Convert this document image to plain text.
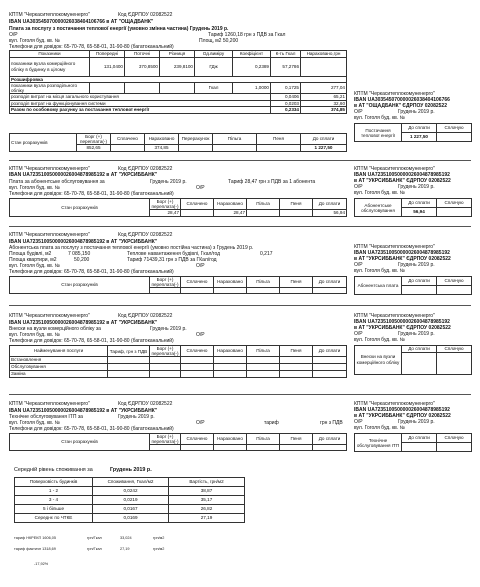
КПТМ "Черкаситеплокомуненерго"	Код ЄДРПОУ 02082522
IBAN UA303545070000026038404106766 в АТ "ОЩАДБАНК"
Плата за послугу з постачання теплової енергії (умовно змінна частина) Грудень 2019 р.
О/Р	Тариф 1260,18 грн з ПДВ за Гкал
вул. Гоголя буд. кв. №	Площ, м2 50,200
Телефони для довідок: 65-70-78, 65-58-01, 31-90-80 (багатоканальний)
Показники	Попередні	Поточні	Різниця	Од.виміру	Коефіцієнт	К-ть Гкал	Нараховано,грн
показники вузла комерційного обліку в будинку в цілому	131,0400	370,8500	239,8100	ГДж	0,2389	57,2786	
Розшифровка							
показники вузла розподільного обліку				Гкал	1,0000	0,1725	277,04
розподіл витрат на місця загального користування						0,0406	65,21
розподіл витрат на функціонування системи						0,0203	32,60
Разом по особовому рахунку за постачання теплової енергії						0,2334	374,85
Стан розрахунків	Борг (+) переплата(-)	Сплачено	Нараховано	Перерахунок	Пільга	Пеня	До сплати
	852,65		374,85				1 227,50
КПТМ "Черкаситеплокомуненерго"
IBAN UA303545070000026038404106766
в АТ "ОЩАДБАНК" ЄДРПОУ 02082522
О/Р	Грудень 2019 р.
вул. Гоголя буд. кв. №
Постачання теплової енергії	До сплати	Сплачую
	1 227,50	
КПТМ "Черкаситеплокомуненерго"	Код ЄДРПОУ 02082522
IBAN UA723510050000026004878985192 в АТ "УКРСИББАНК"
Плата за абонентське обслуговування за	Грудень 2019 р.	Тариф 28,47 грн з ПДВ за 1 абонента
вул. Гоголя буд. кв. №	О/Р
Телефони для довідок: 65-70-78, 65-58-01, 31-90-80 (багатоканальний)
Стан розрахунків	Борг (+) переплата(-)	Сплачено	Нараховано	Пільга	Пеня	До сплати
	28,47		28,47			56,94
КПТМ "Черкаситеплокомуненерго"
IBAN UA723510050000026004878985192
в АТ "УКРСИББАНК" ЄДРПОУ 02082522
О/Р	Грудень 2019 р.
вул. Гоголя буд. кв. №
Абонентське обслуговування	До сплати	Сплачую
	56,94	
КПТМ "Черкаситеплокомуненерго"	Код ЄДРПОУ 02082522
IBAN UA723510050000026004878985192 в АТ "УКРСИББАНК"
Абонентська плата за послугу з постачання теплової енергії (умовно постійна частина) з Грудень 2019 р.
Площа будівлі, м2	7 085,150	Теплове навантаження будівлі, Гкал/год	0,217
Площа квартири, м2	50,200	Тариф 71439,31 грн з ПДВ за ГКал/год
вул. Гоголя буд. кв. №	О/Р
Телефони для довідок: 65-70-78, 65-58-01, 31-90-80 (багатоканальний)
Стан розрахунків	Борг (+) переплата(-)	Сплачено	Нараховано	Пільга	Пеня	До сплати

КПТМ "Черкаситеплокомуненерго"
IBAN UA723510050000026004878985192
в АТ "УКРСИББАНК" ЄДРПОУ 02082522
О/Р	Грудень 2019 р.
вул. Гоголя буд. кв. №
Абонентська плата	До сплати	Сплачую

КПТМ "Черкаситеплокомуненерго"	Код ЄДРПОУ 02082522
IBAN UA723510050000026004878985192 в АТ "УКРСИББАНК"
Внески на вузли комерційного обліку за	Грудень 2019 р.
вул. Гоголя буд. кв. №	О/Р
Телефони для довідок: 65-70-78, 65-58-01, 31-90-80 (багатоканальний)
Найменування послуги	Тариф, грн з ПДВ	Борг (+) переплата(-)	Сплачено	Нараховано	Пільга	Пеня	До сплати
Встановлення							
Обслуговування							
Заміна							
КПТМ "Черкаситеплокомуненерго"
IBAN UA723510050000026004878985192
в АТ "УКРСИББАНК" ЄДРПОУ 02082522
О/Р	Грудень 2019 р.
вул. Гоголя буд. кв. №
Внески на вузли комерційного обліку	До сплати	Сплачую

КПТМ "Черкаситеплокомуненерго"	Код ЄДРПОУ 02082522
IBAN UA723510050000026004878985192 в АТ "УКРСИББАНК"
Технічне обслуговування ІТП за	Грудень 2019 р.
вул. Гоголя буд. кв. №	О/Р	тариф	грн з ПДВ
Телефони для довідок: 65-70-78, 65-58-01, 31-90-80 (багатоканальний)
Стан розрахунків	Борг (+) переплата(-)	Сплачено	Нараховано	Пільга	Пеня	До сплати

КПТМ "Черкаситеплокомуненерго"
IBAN UA723510050000026004878985192
в АТ "УКРСИББАНК" ЄДРПОУ 02082522
О/Р	Грудень 2019 р.
вул. Гоголя буд. кв. №
Технічне обслуговування ІТП	До сплати	Сплачую

Середній рівень споживання за	Грудень 2019 р.
Поверховість будинків	Споживання, Гкал/м2	Вартість, грн/м2
1 - 2	0,0242	38,87
3 - 4	0,0219	35,17
5 і більше	0,0167	26,82
Середнє по ЧТКЕ	0,0169	27,19
тариф НКРЕКП 1606,05	грн/Гкал	33,024	грн/м2
тариф фактичн 1318,69	грн/Гкал	27,19	грн/м2
-17,92%
